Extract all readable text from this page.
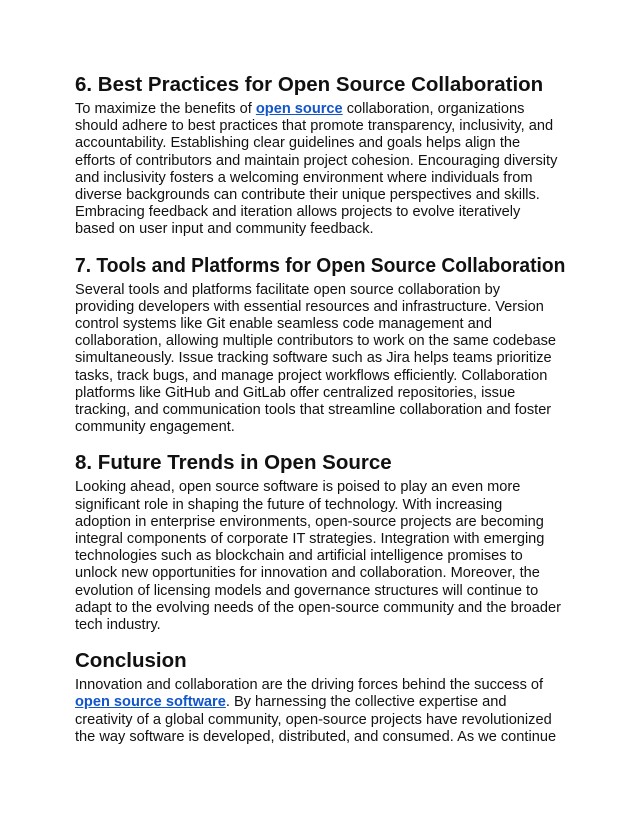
6. Best Practices for Open Source Collaboration

To maximize the benefits of open source collaboration, organizations
should adhere to best practices that promote transparency, inclusivity, and
accountability. Establishing clear guidelines and goals helps align the
efforts of contributors and maintain project cohesion. Encouraging diversity
and inclusivity fosters a welcoming environment where individuals from
diverse backgrounds can contribute their unique perspectives and skills.
Embracing feedback and iteration allows projects to evolve iteratively
based on user input and community feedback.

7. Tools and Platforms for Open Source Collaboration

Several tools and platforms facilitate open source collaboration by
providing developers with essential resources and infrastructure. Version
control systems like Git enable seamless code management and
collaboration, allowing multiple contributors to work on the same codebase
simultaneously. Issue tracking software such as Jira helps teams prioritize
tasks, track bugs, and manage project workflows efficiently. Collaboration
platforms like GitHub and GitLab offer centralized repositories, issue
tracking, and communication tools that streamline collaboration and foster
community engagement.

8. Future Trends in Open Source

Looking ahead, open source software is poised to play an even more
significant role in shaping the future of technology. With increasing
adoption in enterprise environments, open-source projects are becoming
integral components of corporate IT strategies. Integration with emerging
technologies such as blockchain and artificial intelligence promises to
unlock new opportunities for innovation and collaboration. Moreover, the
evolution of licensing models and governance structures will continue to
adapt to the evolving needs of the open-source community and the broader
tech industry.

Conclusion

Innovation and collaboration are the driving forces behind the success of
open source software. By harnessing the collective expertise and
creativity of a global community, open-source projects have revolutionized
the way software is developed, distributed, and consumed. As we continue
